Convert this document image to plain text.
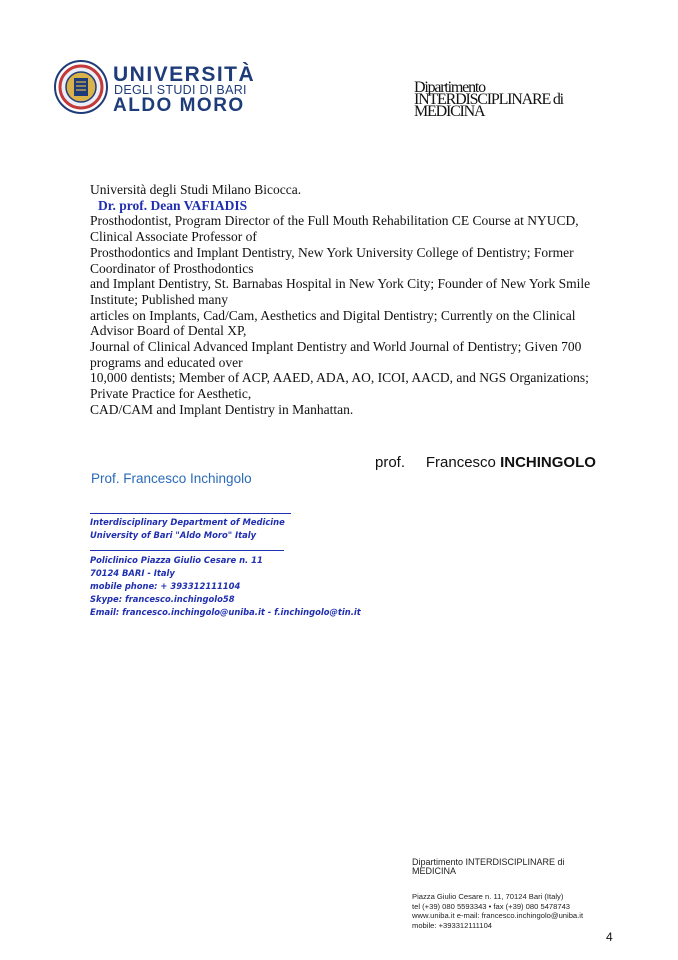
UNIVERSITÀ
DEGLI STUDI DI BARI
ALDO MORO
Dipartimento
INTERDISCIPLINARE di
MEDICINA
Università degli Studi Milano Bicocca.
Dr. prof. Dean VAFIADIS
Prosthodontist, Program Director of the Full Mouth Rehabilitation CE Course at NYUCD,
Clinical Associate Professor of
Prosthodontics and Implant Dentistry, New York University College of Dentistry; Former
Coordinator of Prosthodontics
and Implant Dentistry, St. Barnabas Hospital in New York City; Founder of New York Smile
Institute; Published many
articles on Implants, Cad/Cam, Aesthetics and Digital Dentistry; Currently on the Clinical
Advisor Board of Dental XP,
Journal of Clinical Advanced Implant Dentistry and World Journal of Dentistry; Given 700
programs and educated over
10,000 dentists; Member of ACP, AAED, ADA, AO, ICOI, AACD, and NGS Organizations;
Private Practice for Aesthetic,
CAD/CAM and Implant Dentistry in Manhattan.
prof. Francesco INCHINGOLO
Prof. Francesco Inchingolo
Interdisciplinary Department of Medicine
University of Bari "Aldo Moro" Italy
Policlinico Piazza Giulio Cesare n. 11
70124 BARI - Italy
mobile phone: + 393312111104
Skype: francesco.inchingolo58
Email: francesco.inchingolo@uniba.it - f.inchingolo@tin.it
Dipartimento INTERDISCIPLINARE di
MEDICINA
Piazza Giulio Cesare n. 11, 70124 Bari (Italy)
tel (+39) 080 5593343 • fax (+39) 080 5478743
www.uniba.it e-mail: francesco.inchingolo@uniba.it
mobile: +393312111104
4
